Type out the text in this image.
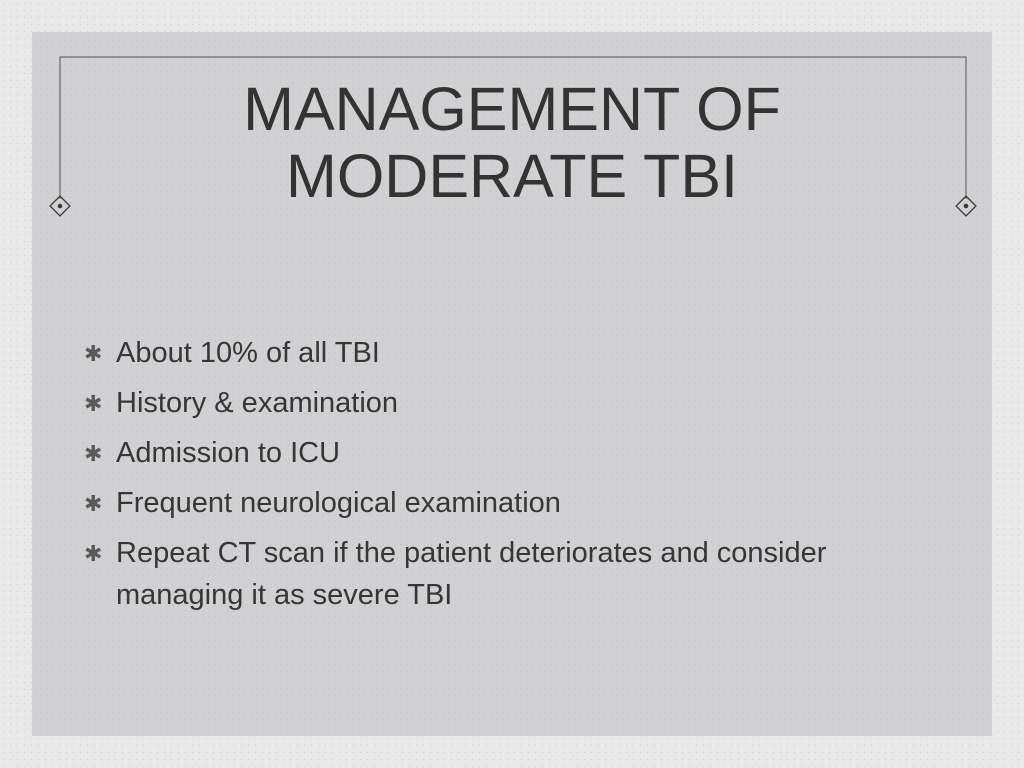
MANAGEMENT OF
MODERATE TBI
✱ About 10% of all TBI
✱ History & examination
✱ Admission to ICU
✱ Frequent neurological examination
✱ Repeat CT scan if the patient deteriorates and consider managing it as severe TBI
